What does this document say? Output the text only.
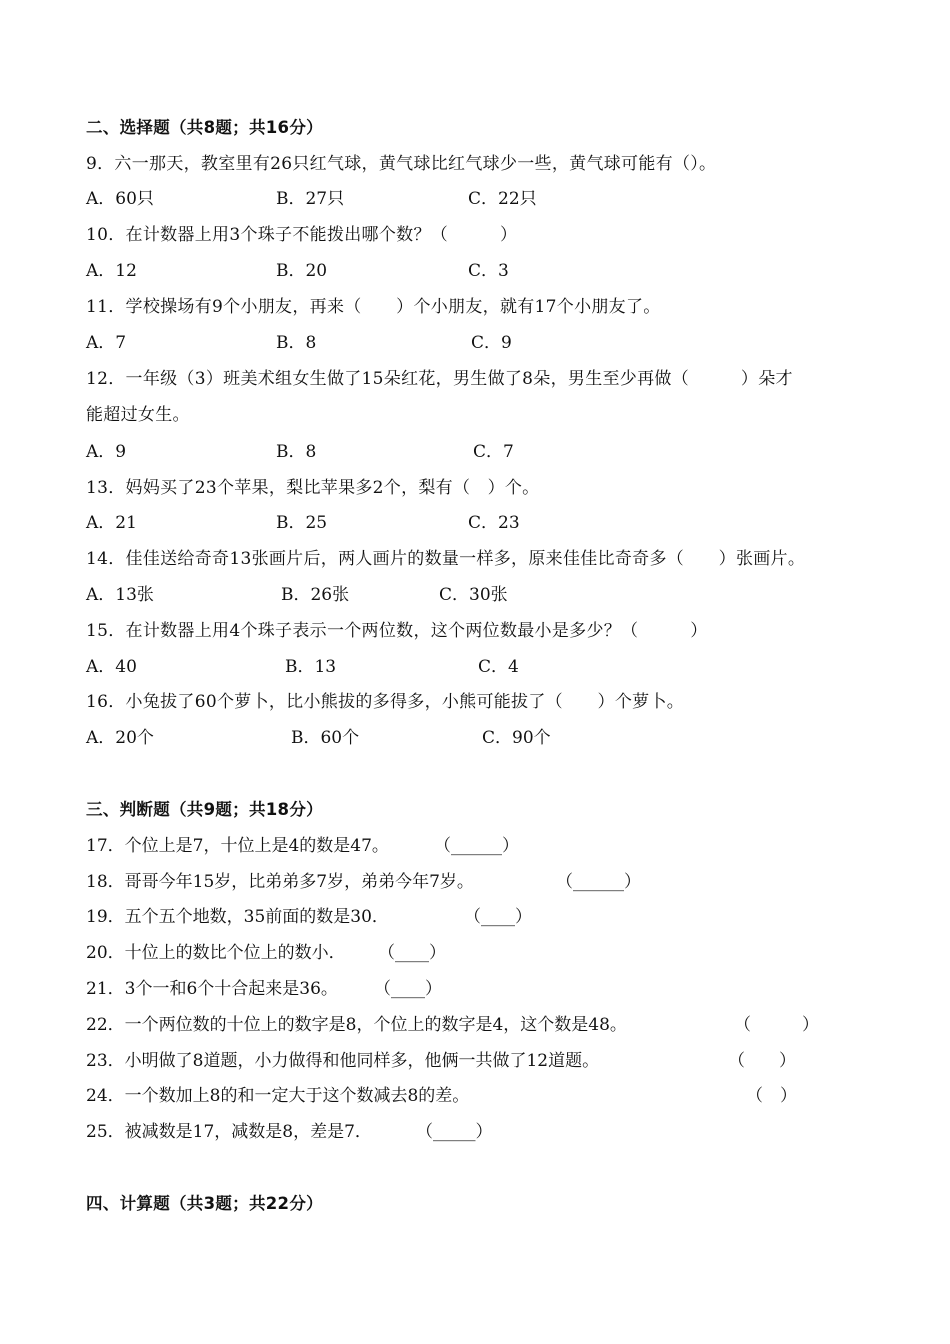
二、选择题（共8题；共16分）
9．六一那天，教室里有26只红气球，黄气球比红气球少一些，黄气球可能有（）。
A．60只	B．27只	C．22只
10．在计数器上用3个珠子不能拨出哪个数？（　　　）
A．12	B．20	C．3
11．学校操场有9个小朋友，再来（　　）个小朋友，就有17个小朋友了。
A．7	B．8	C．9
12．一年级（3）班美术组女生做了15朵红花，男生做了8朵，男生至少再做（　　　）朵才
能超过女生。
A．9	B．8	C．7
13．妈妈买了23个苹果，梨比苹果多2个，梨有（　）个。
A．21	B．25	C．23
14．佳佳送给奇奇13张画片后，两人画片的数量一样多，原来佳佳比奇奇多（　　）张画片。
A．13张	B．26张	C．30张
15．在计数器上用4个珠子表示一个两位数，这个两位数最小是多少？（　　　）
A．40	B．13	C．4
16．小兔拔了60个萝卜，比小熊拔的多得多，小熊可能拔了（　　）个萝卜。
A．20个	B．60个	C．90个
三、判断题（共9题；共18分）
17．个位上是7，十位上是4的数是47。	（______）
18．哥哥今年15岁，比弟弟多7岁，弟弟今年7岁。	（______）
19．五个五个地数，35前面的数是30．	（____）
20．十位上的数比个位上的数小． （____）
21．3个一和6个十合起来是36。 （____）
22．一个两位数的十位上的数字是8，个位上的数字是4，这个数是48。	（　　　）
23．小明做了8道题，小力做得和他同样多，他俩一共做了12道题。	（　　）
24．一个数加上8的和一定大于这个数减去8的差。	（　）
25．被减数是17，减数是8，差是7．	（_____）
四、计算题（共3题；共22分）
